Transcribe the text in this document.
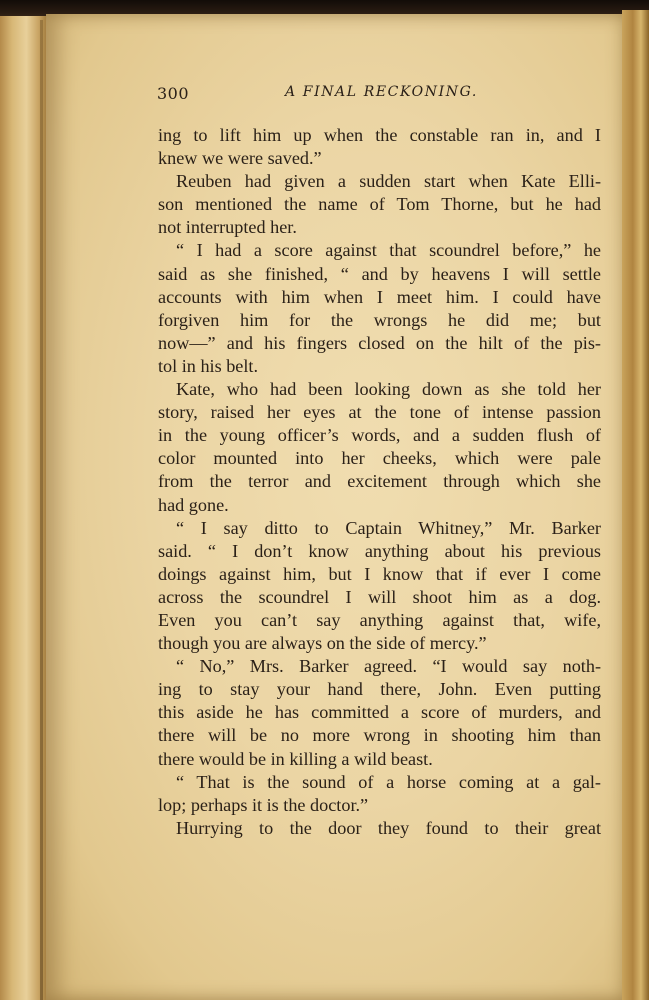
300	A FINAL RECKONING.
ing to lift him up when the constable ran in, and I
knew we were saved.”
Reuben had given a sudden start when Kate Elli-
son mentioned the name of Tom Thorne, but he had
not interrupted her.
“ I had a score against that scoundrel before,” he
said as she finished, “ and by heavens I will settle
accounts with him when I meet him. I could have
forgiven him for the wrongs he did me; but
now—” and his fingers closed on the hilt of the pis-
tol in his belt.
Kate, who had been looking down as she told her
story, raised her eyes at the tone of intense passion
in the young officer’s words, and a sudden flush of
color mounted into her cheeks, which were pale
from the terror and excitement through which she
had gone.
“ I say ditto to Captain Whitney,” Mr. Barker
said. “ I don’t know anything about his previous
doings against him, but I know that if ever I come
across the scoundrel I will shoot him as a dog.
Even you can’t say anything against that, wife,
though you are always on the side of mercy.”
“ No,” Mrs. Barker agreed. “I would say noth-
ing to stay your hand there, John. Even putting
this aside he has committed a score of murders, and
there will be no more wrong in shooting him than
there would be in killing a wild beast.
“ That is the sound of a horse coming at a gal-
lop; perhaps it is the doctor.”
Hurrying to the door they found to their great
